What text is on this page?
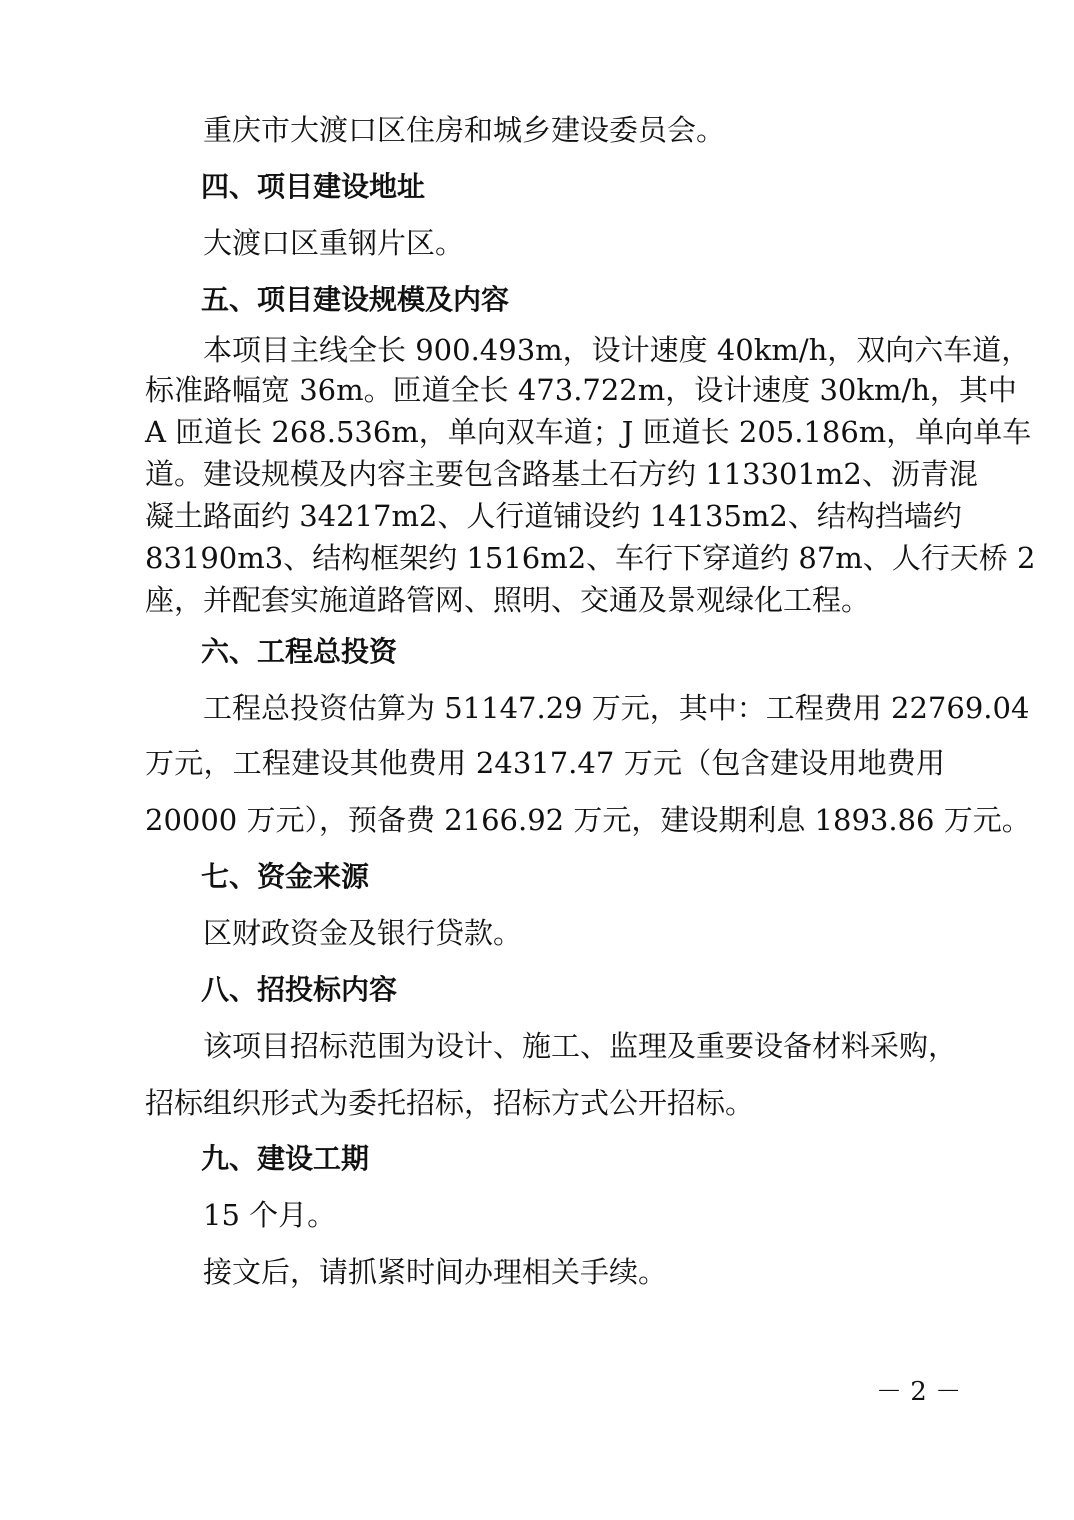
重庆市大渡口区住房和城乡建设委员会。
四、项目建设地址
大渡口区重钢片区。
五、项目建设规模及内容
本项目主线全长 900.493m，设计速度 40km/h，双向六车道，
标准路幅宽 36m。匝道全长 473.722m，设计速度 30km/h，其中
A 匝道长 268.536m，单向双车道；J 匝道长 205.186m，单向单车
道。建设规模及内容主要包含路基土石方约 113301m2、沥青混
凝土路面约 34217m2、人行道铺设约 14135m2、结构挡墙约
83190m3、结构框架约 1516m2、车行下穿道约 87m、人行天桥 2
座，并配套实施道路管网、照明、交通及景观绿化工程。
六、工程总投资
工程总投资估算为 51147.29 万元，其中：工程费用 22769.04
万元，工程建设其他费用 24317.47 万元（包含建设用地费用
20000 万元），预备费 2166.92 万元，建设期利息 1893.86 万元。
七、资金来源
区财政资金及银行贷款。
八、招投标内容
该项目招标范围为设计、施工、监理及重要设备材料采购，
招标组织形式为委托招标，招标方式公开招标。
九、建设工期
15 个月。
接文后，请抓紧时间办理相关手续。
－ 2 －
